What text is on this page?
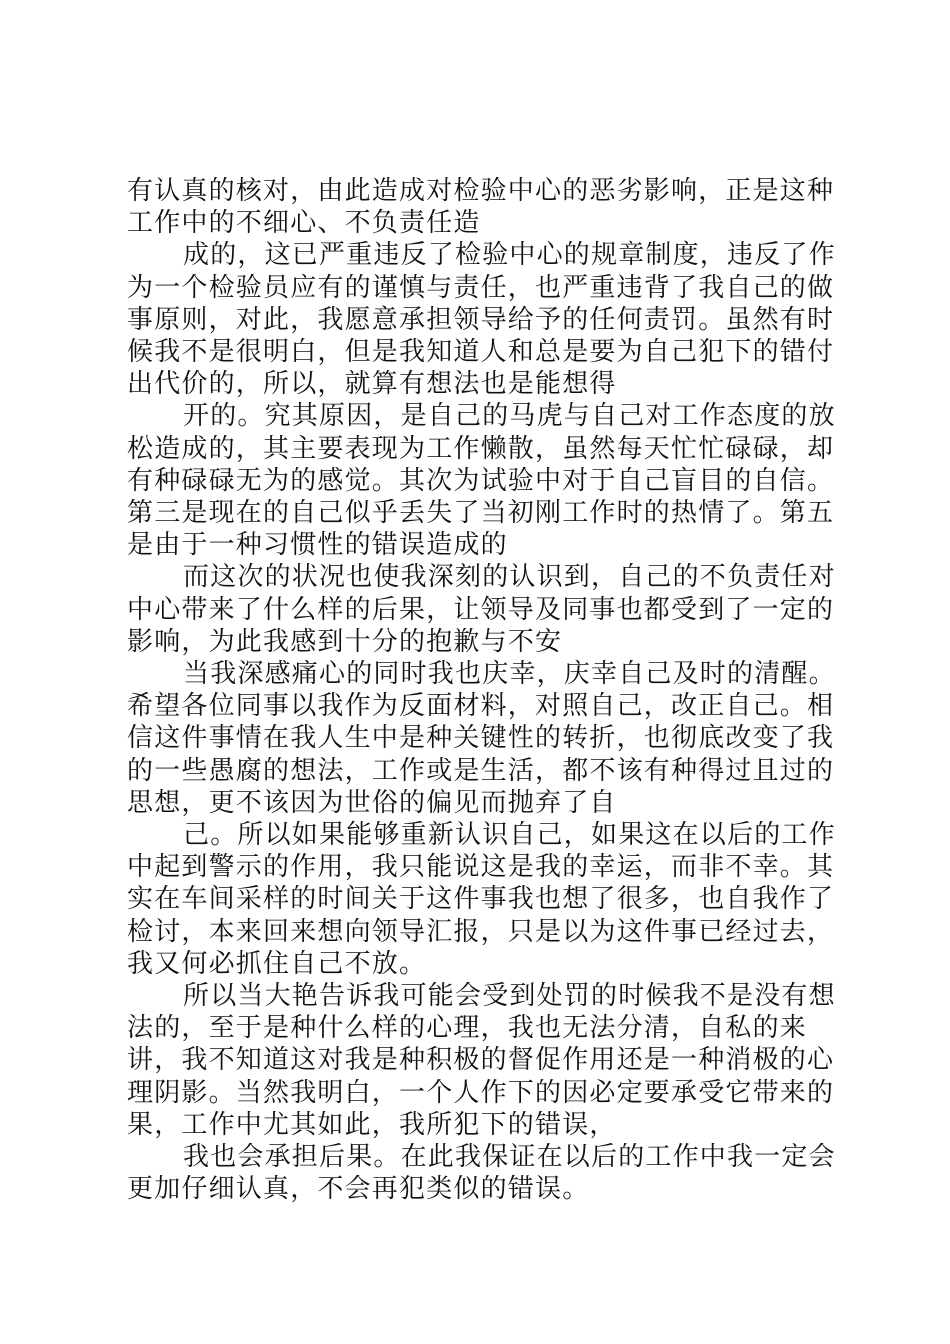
有认真的核对，由此造成对检验中心的恶劣影响，正是这种工作中的不细心、不负责任造

成的，这已严重违反了检验中心的规章制度，违反了作为一个检验员应有的谨慎与责任，也严重违背了我自己的做事原则，对此，我愿意承担领导给予的任何责罚。虽然有时候我不是很明白，但是我知道人和总是要为自己犯下的错付出代价的，所以，就算有想法也是能想得

开的。究其原因，是自己的马虎与自己对工作态度的放松造成的，其主要表现为工作懒散，虽然每天忙忙碌碌，却有种碌碌无为的感觉。其次为试验中对于自己盲目的自信。第三是现在的自己似乎丢失了当初刚工作时的热情了。第五是由于一种习惯性的错误造成的

而这次的状况也使我深刻的认识到，自己的不负责任对中心带来了什么样的后果，让领导及同事也都受到了一定的影响，为此我感到十分的抱歉与不安

当我深感痛心的同时我也庆幸，庆幸自己及时的清醒。希望各位同事以我作为反面材料，对照自己，改正自己。相信这件事情在我人生中是种关键性的转折，也彻底改变了我的一些愚腐的想法，工作或是生活，都不该有种得过且过的思想，更不该因为世俗的偏见而抛弃了自

己。所以如果能够重新认识自己，如果这在以后的工作中起到警示的作用，我只能说这是我的幸运，而非不幸。其实在车间采样的时间关于这件事我也想了很多，也自我作了检讨，本来回来想向领导汇报，只是以为这件事已经过去，我又何必抓住自己不放。

所以当大艳告诉我可能会受到处罚的时候我不是没有想法的，至于是种什么样的心理，我也无法分清，自私的来讲，我不知道这对我是种积极的督促作用还是一种消极的心理阴影。当然我明白，一个人作下的因必定要承受它带来的果，工作中尤其如此，我所犯下的错误，

我也会承担后果。在此我保证在以后的工作中我一定会更加仔细认真，不会再犯类似的错误。
